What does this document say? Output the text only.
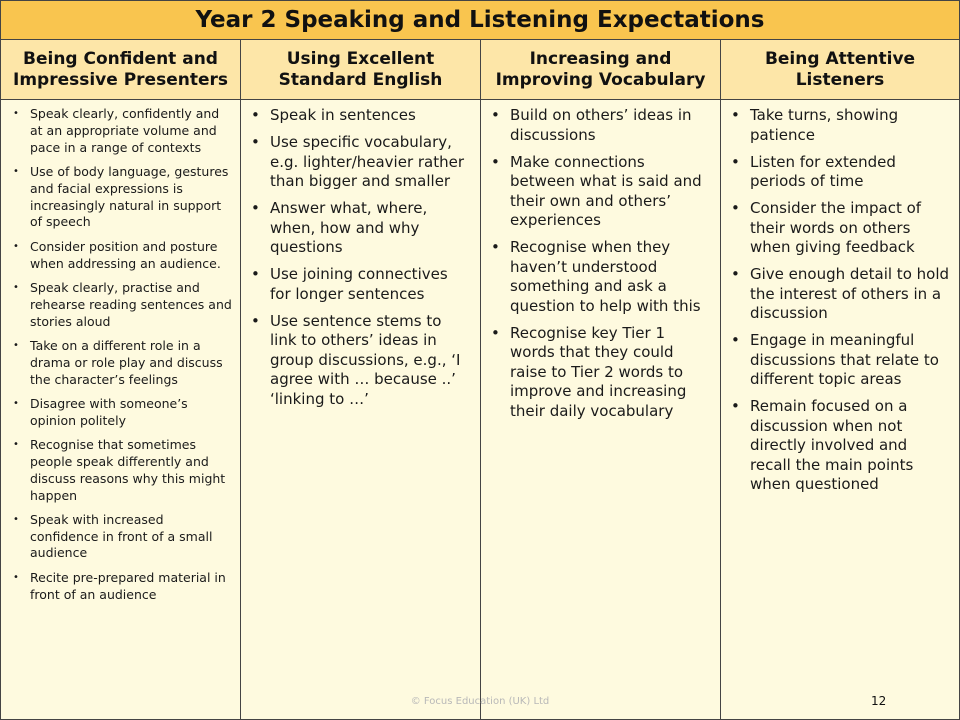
Year 2 Speaking and Listening Expectations
Being Confident and Impressive Presenters
Using Excellent Standard English
Increasing and Improving Vocabulary
Being Attentive Listeners
• Speak clearly, confidently and at an appropriate volume and pace in a range of contexts
• Use of body language, gestures and facial expressions is increasingly natural in support of speech
• Consider position and posture when addressing an audience.
• Speak clearly, practise and rehearse reading sentences and stories aloud
• Take on a different role in a drama or role play and discuss the character’s feelings
• Disagree with someone’s opinion politely
• Recognise that sometimes people speak differently and discuss reasons why this might happen
• Speak with increased confidence in front of a small audience
• Recite pre-prepared material in front of an audience
• Speak in sentences
• Use specific vocabulary, e.g. lighter/heavier rather than bigger and smaller
• Answer what, where, when, how and why questions
• Use joining connectives for longer sentences
• Use sentence stems to link to others’ ideas in group discussions, e.g., ‘I agree with … because ..’ ‘linking to …’
• Build on others’ ideas in discussions
• Make connections between what is said and their own and others’ experiences
• Recognise when they haven’t understood something and ask a question to help with this
• Recognise key Tier 1 words that they could raise to Tier 2 words to improve and increasing their daily vocabulary
• Take turns, showing patience
• Listen for extended periods of time
• Consider the impact of their words on others when giving feedback
• Give enough detail to hold the interest of others in a discussion
• Engage in meaningful discussions that relate to different topic areas
• Remain focused on a discussion when not directly involved and recall the main points when questioned
© Focus Education (UK) Ltd	12
